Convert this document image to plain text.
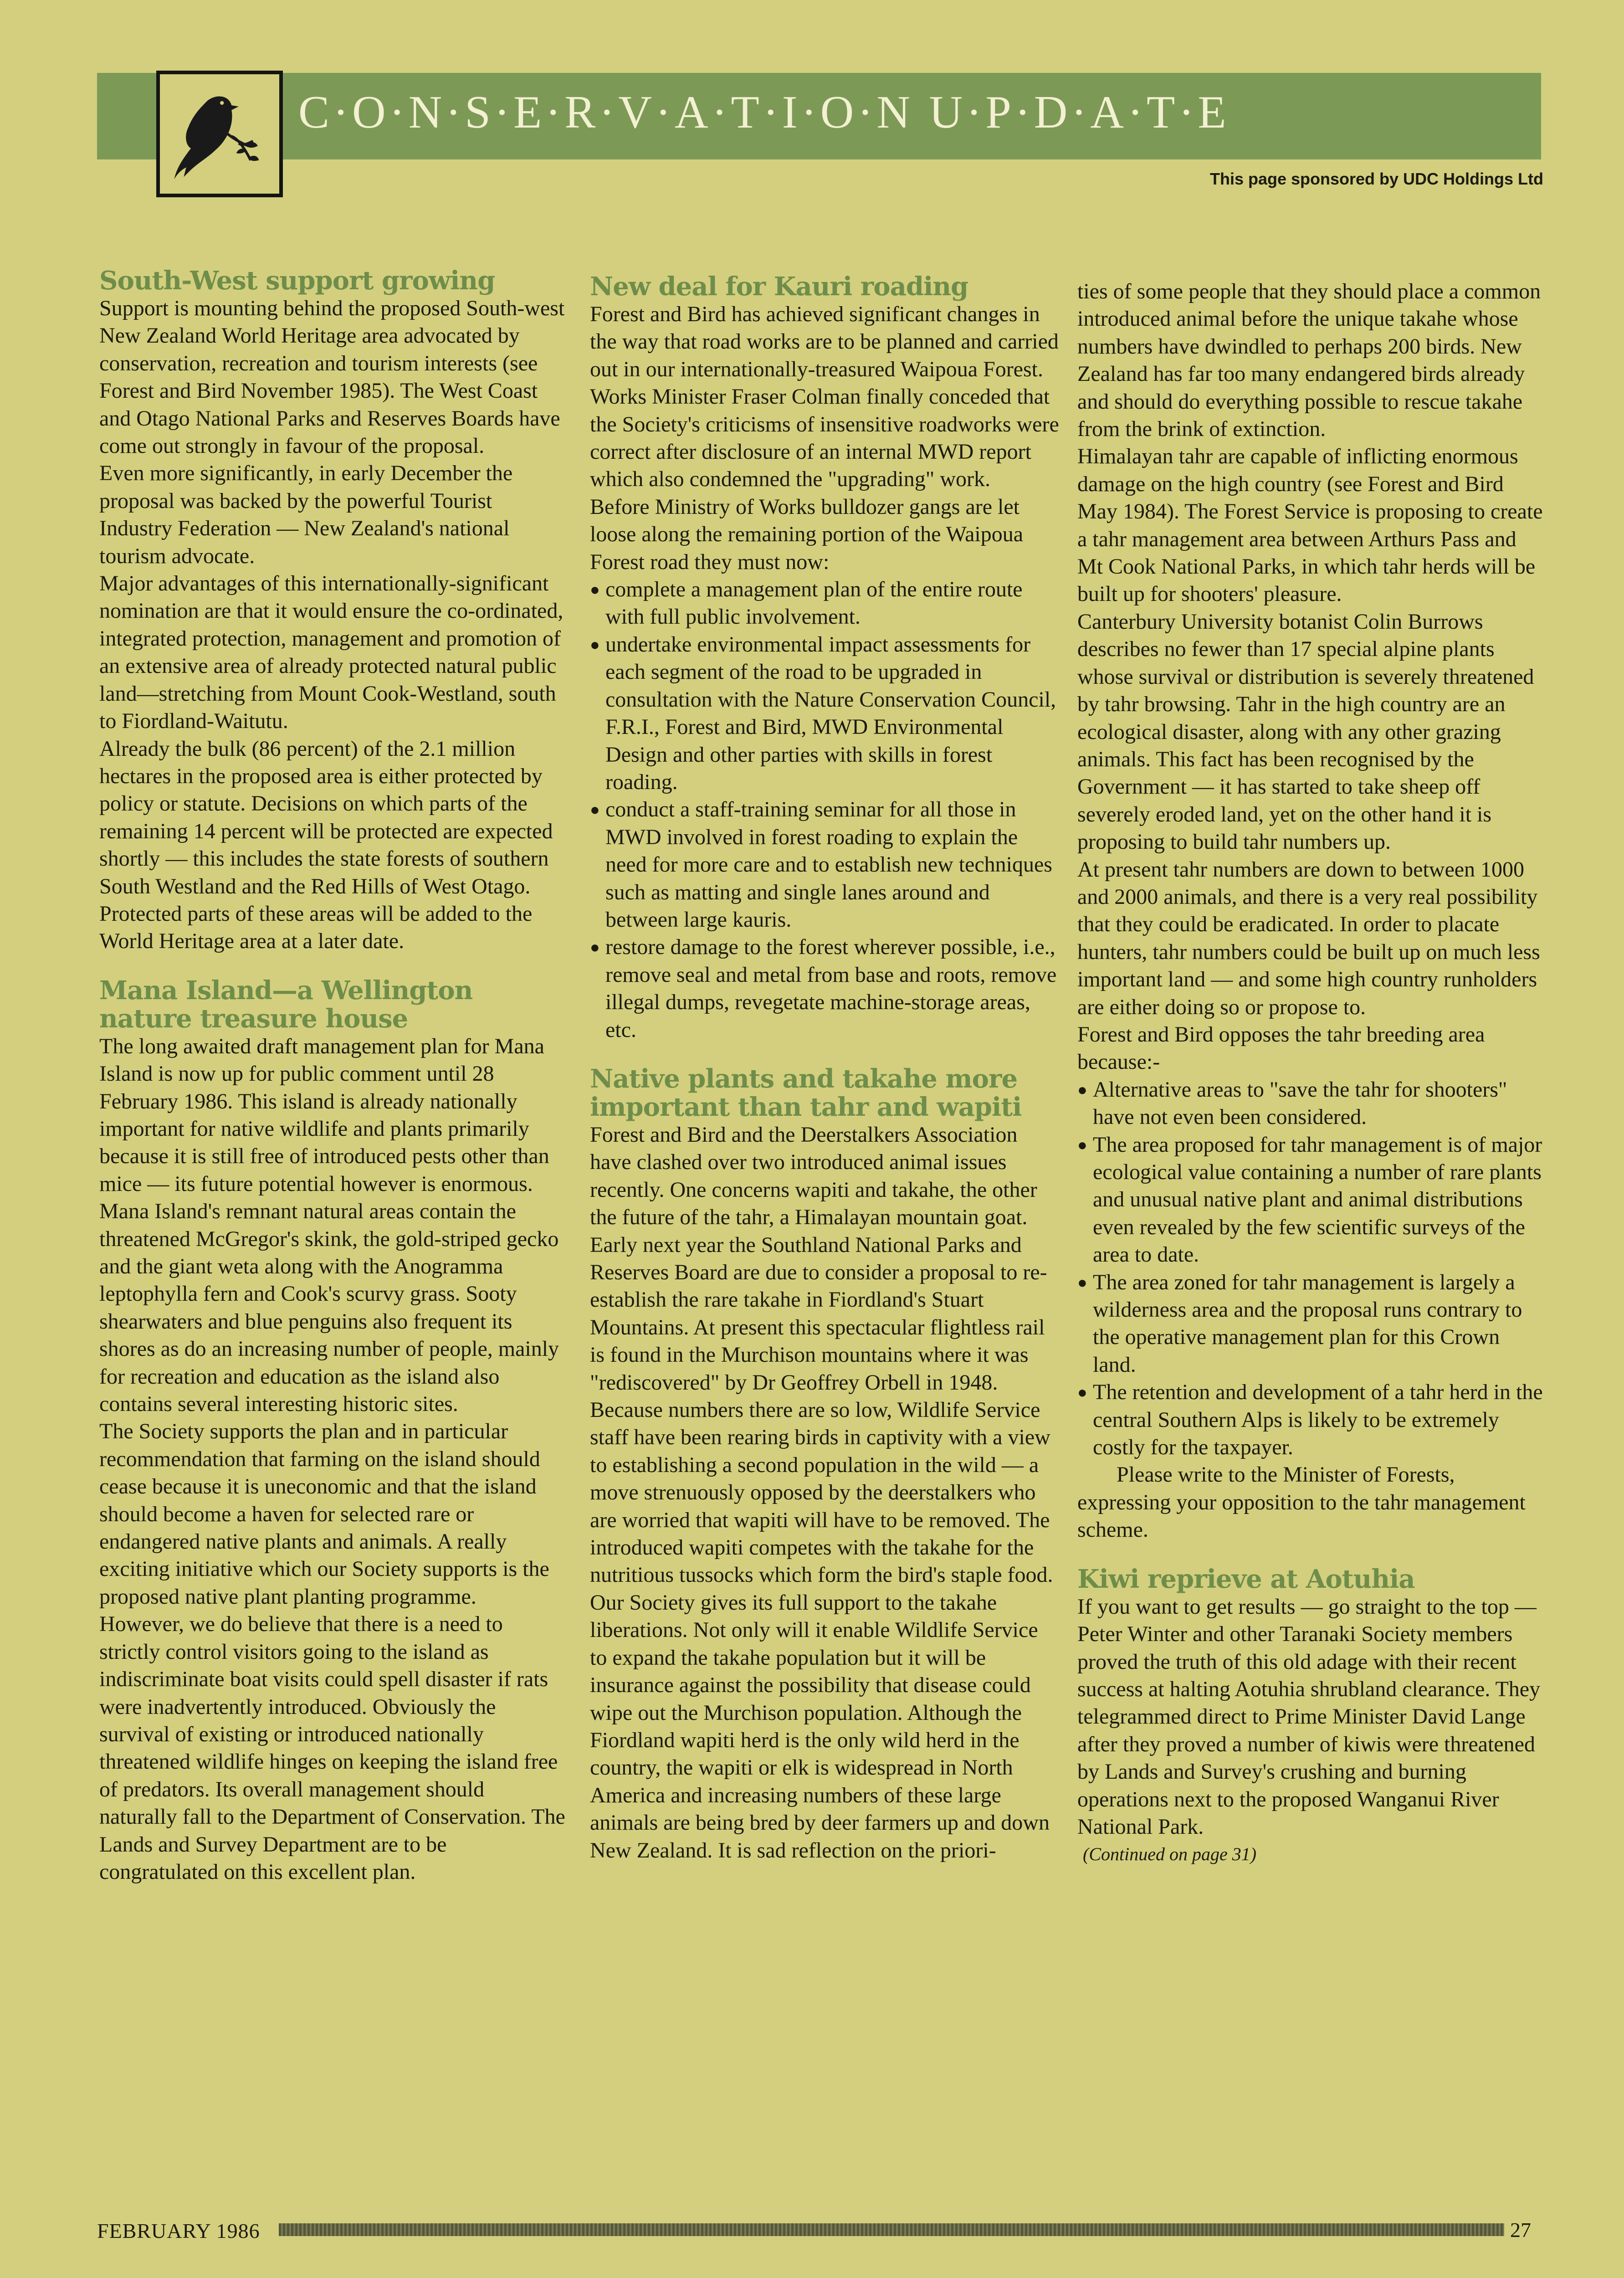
C·O·N·S·E·R·V·A·T·I·O·N U·P·D·A·T·E
This page sponsored by UDC Holdings Ltd
South-West support growing

Support is mounting behind the proposed South-west New Zealand World Heritage area advocated by conservation, recreation and tourism interests (see Forest and Bird November 1985). The West Coast and Otago National Parks and Reserves Boards have come out strongly in favour of the proposal.

Even more significantly, in early December the proposal was backed by the powerful Tourist Industry Federation — New Zealand's national tourism advocate.

Major advantages of this internationally-significant nomination are that it would ensure the co-ordinated, integrated protection, management and promotion of an extensive area of already protected natural public land—stretching from Mount Cook-Westland, south to Fiordland-Waitutu.

Already the bulk (86 percent) of the 2.1 million hectares in the proposed area is either protected by policy or statute. Decisions on which parts of the remaining 14 percent will be protected are expected shortly — this includes the state forests of southern South Westland and the Red Hills of West Otago. Protected parts of these areas will be added to the World Heritage area at a later date.

Mana Island—a Wellington nature treasure house

The long awaited draft management plan for Mana Island is now up for public comment until 28 February 1986. This island is already nationally important for native wildlife and plants primarily because it is still free of introduced pests other than mice — its future potential however is enormous. Mana Island's remnant natural areas contain the threatened McGregor's skink, the gold-striped gecko and the giant weta along with the Anogramma leptophylla fern and Cook's scurvy grass. Sooty shearwaters and blue penguins also frequent its shores as do an increasing number of people, mainly for recreation and education as the island also contains several interesting historic sites.

The Society supports the plan and in particular recommendation that farming on the island should cease because it is uneconomic and that the island should become a haven for selected rare or endangered native plants and animals. A really exciting initiative which our Society supports is the proposed native plant planting programme. However, we do believe that there is a need to strictly control visitors going to the island as indiscriminate boat visits could spell disaster if rats were inadvertently introduced. Obviously the survival of existing or introduced nationally threatened wildlife hinges on keeping the island free of predators. Its overall management should naturally fall to the Department of Conservation. The Lands and Survey Department are to be congratulated on this excellent plan.

New deal for Kauri roading

Forest and Bird has achieved significant changes in the way that road works are to be planned and carried out in our internationally-treasured Waipoua Forest. Works Minister Fraser Colman finally conceded that the Society's criticisms of insensitive roadworks were correct after disclosure of an internal MWD report which also condemned the "upgrading" work.

Before Ministry of Works bulldozer gangs are let loose along the remaining portion of the Waipoua Forest road they must now:

● complete a management plan of the entire route with full public involvement.

● undertake environmental impact assessments for each segment of the road to be upgraded in consultation with the Nature Conservation Council, F.R.I., Forest and Bird, MWD Environmental Design and other parties with skills in forest roading.

● conduct a staff-training seminar for all those in MWD involved in forest roading to explain the need for more care and to establish new techniques such as matting and single lanes around and between large kauris.

● restore damage to the forest wherever possible, i.e., remove seal and metal from base and roots, remove illegal dumps, revegetate machine-storage areas, etc.

Native plants and takahe more important than tahr and wapiti

Forest and Bird and the Deerstalkers Association have clashed over two introduced animal issues recently. One concerns wapiti and takahe, the other the future of the tahr, a Himalayan mountain goat.

Early next year the Southland National Parks and Reserves Board are due to consider a proposal to re-establish the rare takahe in Fiordland's Stuart Mountains. At present this spectacular flightless rail is found in the Murchison mountains where it was "rediscovered" by Dr Geoffrey Orbell in 1948. Because numbers there are so low, Wildlife Service staff have been rearing birds in captivity with a view to establishing a second population in the wild — a move strenuously opposed by the deerstalkers who are worried that wapiti will have to be removed. The introduced wapiti competes with the takahe for the nutritious tussocks which form the bird's staple food.

Our Society gives its full support to the takahe liberations. Not only will it enable Wildlife Service to expand the takahe population but it will be insurance against the possibility that disease could wipe out the Murchison population. Although the Fiordland wapiti herd is the only wild herd in the country, the wapiti or elk is widespread in North America and increasing numbers of these large animals are being bred by deer farmers up and down New Zealand. It is sad reflection on the priori-

ties of some people that they should place a common introduced animal before the unique takahe whose numbers have dwindled to perhaps 200 birds. New Zealand has far too many endangered birds already and should do everything possible to rescue takahe from the brink of extinction.

Himalayan tahr are capable of inflicting enormous damage on the high country (see Forest and Bird May 1984). The Forest Service is proposing to create a tahr management area between Arthurs Pass and Mt Cook National Parks, in which tahr herds will be built up for shooters' pleasure.

Canterbury University botanist Colin Burrows describes no fewer than 17 special alpine plants whose survival or distribution is severely threatened by tahr browsing. Tahr in the high country are an ecological disaster, along with any other grazing animals. This fact has been recognised by the Government — it has started to take sheep off severely eroded land, yet on the other hand it is proposing to build tahr numbers up.

At present tahr numbers are down to between 1000 and 2000 animals, and there is a very real possibility that they could be eradicated. In order to placate hunters, tahr numbers could be built up on much less important land — and some high country runholders are either doing so or propose to.

Forest and Bird opposes the tahr breeding area because:-

● Alternative areas to "save the tahr for shooters" have not even been considered.

● The area proposed for tahr management is of major ecological value containing a number of rare plants and unusual native plant and animal distributions even revealed by the few scientific surveys of the area to date.

● The area zoned for tahr management is largely a wilderness area and the proposal runs contrary to the operative management plan for this Crown land.

● The retention and development of a tahr herd in the central Southern Alps is likely to be extremely costly for the taxpayer.

Please write to the Minister of Forests, expressing your opposition to the tahr management scheme.

Kiwi reprieve at Aotuhia

If you want to get results — go straight to the top — Peter Winter and other Taranaki Society members proved the truth of this old adage with their recent success at halting Aotuhia shrubland clearance. They telegrammed direct to Prime Minister David Lange after they proved a number of kiwis were threatened by Lands and Survey's crushing and burning operations next to the proposed Wanganui River National Park.

(Continued on page 31)

FEBRUARY 1986	27
